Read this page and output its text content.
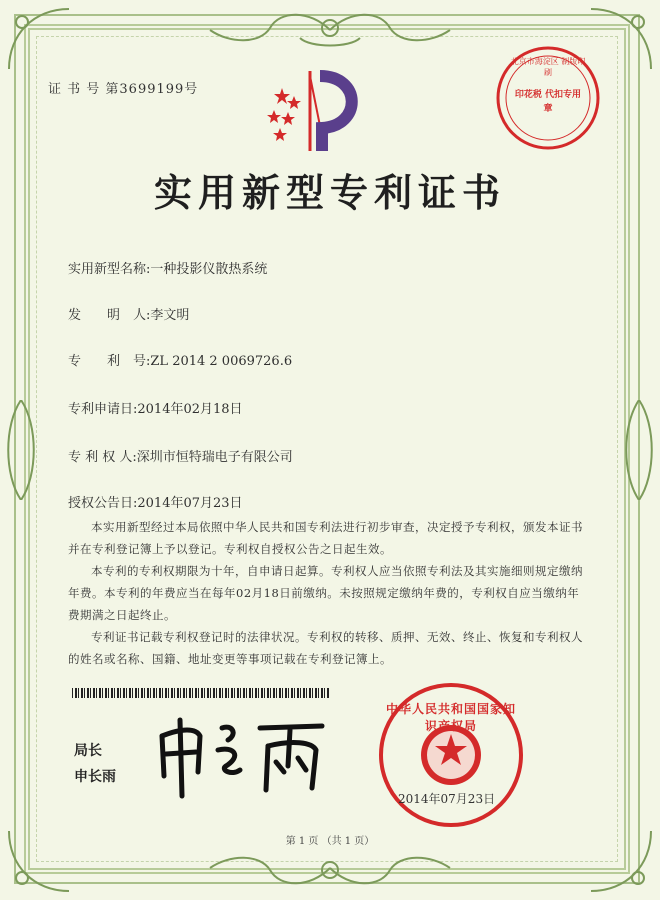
证 书 号 第3699199号
北京市海淀区 制版印刷
印花税 代扣专用章
实用新型专利证书
实用新型名称:一种投影仪散热系统
发　　明　人:李文明
专　　利　号:ZL 2014 2 0069726.6
专利申请日:2014年02月18日
专 利 权 人:深圳市恒特瑞电子有限公司
授权公告日:2014年07月23日

本实用新型经过本局依照中华人民共和国专利法进行初步审查，决定授予专利权，颁发本证书并在专利登记簿上予以登记。专利权自授权公告之日起生效。

本专利的专利权期限为十年，自申请日起算。专利权人应当依照专利法及其实施细则规定缴纳年费。本专利的年费应当在每年02月18日前缴纳。未按照规定缴纳年费的，专利权自应当缴纳年费期满之日起终止。

专利证书记载专利权登记时的法律状况。专利权的转移、质押、无效、终止、恢复和专利权人的姓名或名称、国籍、地址变更等事项记载在专利登记簿上。

局长
申长雨
中华人民共和国国家知识产权局
2014年07月23日
第 1 页 （共 1 页）
